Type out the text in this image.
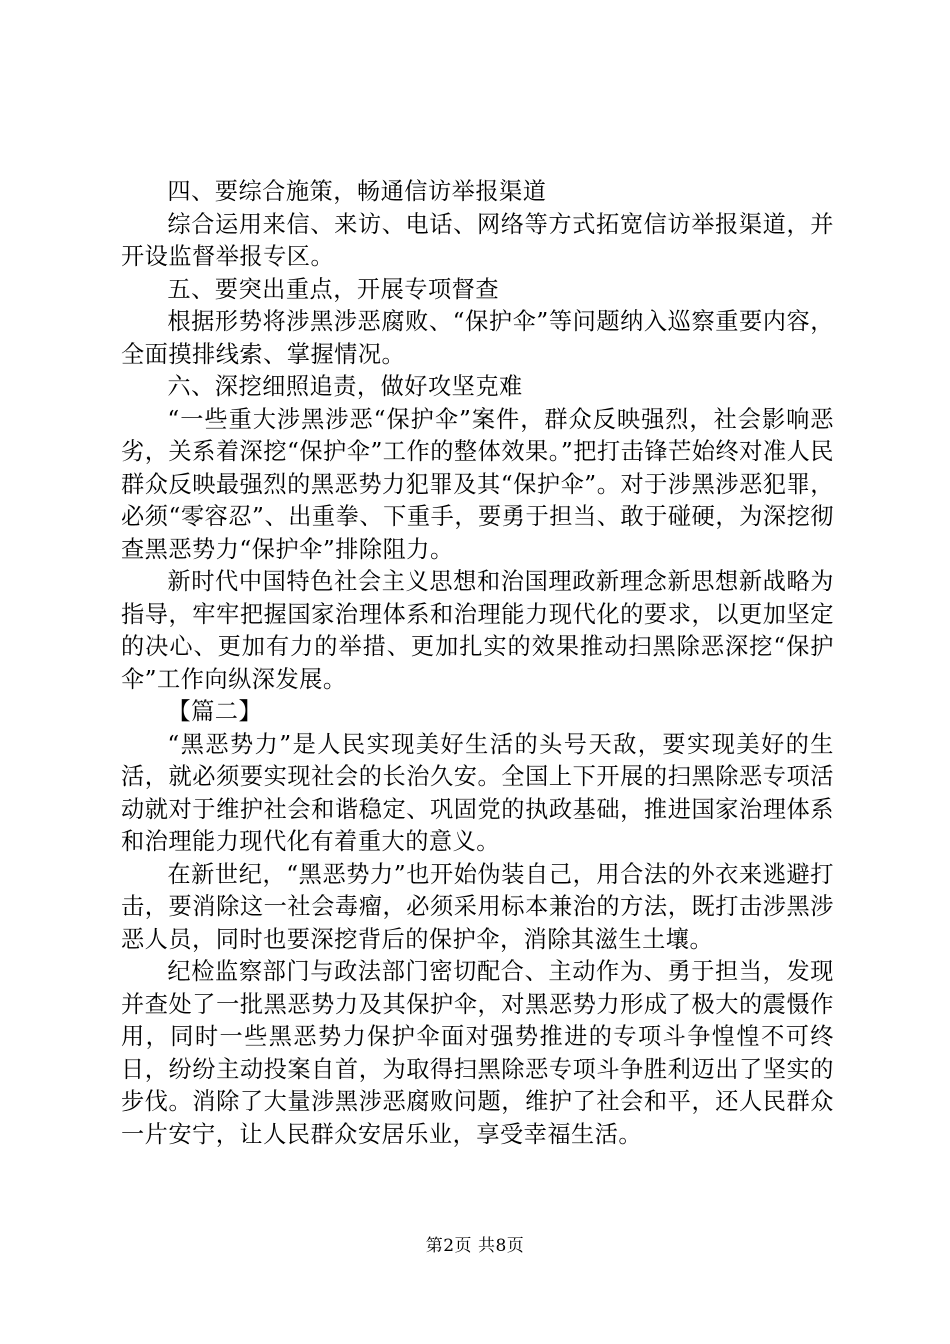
四、要综合施策，畅通信访举报渠道

综合运用来信、来访、电话、网络等方式拓宽信访举报渠道，并开设监督举报专区。

五、要突出重点，开展专项督查

根据形势将涉黑涉恶腐败、“保护伞”等问题纳入巡察重要内容，全面摸排线索、掌握情况。

六、深挖细照追责，做好攻坚克难

“一些重大涉黑涉恶“保护伞”案件，群众反映强烈，社会影响恶劣，关系着深挖“保护伞”工作的整体效果。”把打击锋芒始终对准人民群众反映最强烈的黑恶势力犯罪及其“保护伞”。对于涉黑涉恶犯罪，必须“零容忍”、出重拳、下重手，要勇于担当、敢于碰硬，为深挖彻查黑恶势力“保护伞”排除阻力。

新时代中国特色社会主义思想和治国理政新理念新思想新战略为指导，牢牢把握国家治理体系和治理能力现代化的要求，以更加坚定的决心、更加有力的举措、更加扎实的效果推动扫黑除恶深挖“保护伞”工作向纵深发展。

【篇二】

“黑恶势力”是人民实现美好生活的头号天敌，要实现美好的生活，就必须要实现社会的长治久安。全国上下开展的扫黑除恶专项活动就对于维护社会和谐稳定、巩固党的执政基础，推进国家治理体系和治理能力现代化有着重大的意义。

在新世纪，“黑恶势力”也开始伪装自己，用合法的外衣来逃避打击，要消除这一社会毒瘤，必须采用标本兼治的方法，既打击涉黑涉恶人员，同时也要深挖背后的保护伞，消除其滋生土壤。

纪检监察部门与政法部门密切配合、主动作为、勇于担当，发现并查处了一批黑恶势力及其保护伞，对黑恶势力形成了极大的震慑作用，同时一些黑恶势力保护伞面对强势推进的专项斗争惶惶不可终日，纷纷主动投案自首，为取得扫黑除恶专项斗争胜利迈出了坚实的步伐。消除了大量涉黑涉恶腐败问题，维护了社会和平，还人民群众一片安宁，让人民群众安居乐业，享受幸福生活。

第2页 共8页
